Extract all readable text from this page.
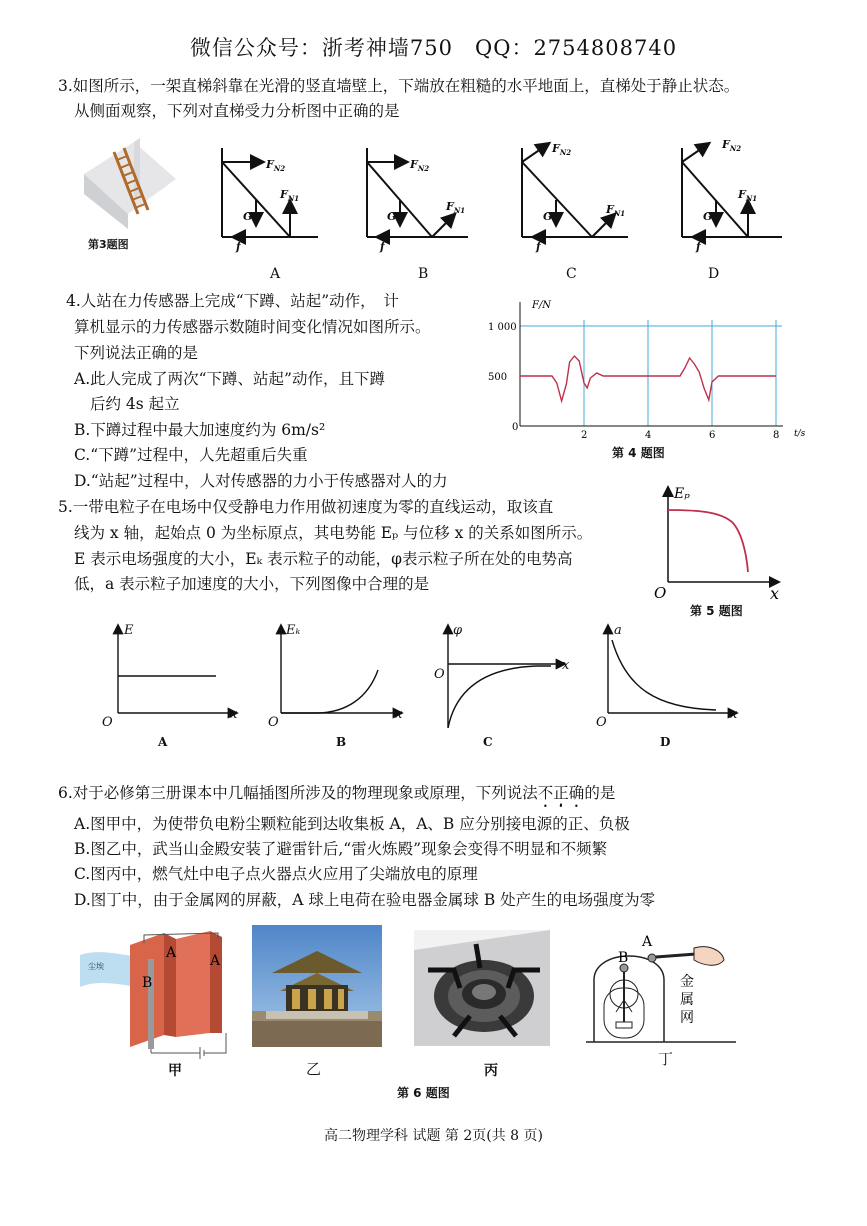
微信公众号：浙考神墙750　QQ：2754808740
3.如图所示，一架直梯斜靠在光滑的竖直墙壁上，下端放在粗糙的水平地面上，直梯处于静止状态。
从侧面观察，下列对直梯受力分析图中正确的是
第3题图
$F_{N2}$
$F_{N1}$
G
f
$F_{N2}$
$F_{N1}$
G
f
$F_{N2}$
$F_{N1}$
G
f
$F_{N2}$
$F_{N1}$
G
f
A	B	C	D
4.人站在力传感器上完成“下蹲、站起”动作，　计
算机显示的力传感器示数随时间变化情况如图所示。
下列说法正确的是
A.此人完成了两次“下蹲、站起”动作，且下蹲
后约 4s 起立
B.下蹲过程中最大加速度约为 6m/s²
C.“下蹲”过程中，人先超重后失重
D.“站起”过程中，人对传感器的力小于传感器对人的力
F/N
t/s
0
2	4	6	8
500
1 000
第 4 题图
5.一带电粒子在电场中仅受静电力作用做初速度为零的直线运动，取该直
线为 x 轴，起始点 0 为坐标原点，其电势能 Eₚ 与位移 x 的关系如图所示。
E 表示电场强度的大小，Eₖ 表示粒子的动能，φ表示粒子所在处的电势高
低，a 表示粒子加速度的大小，下列图像中合理的是
Eₚ
x
O
第 5 题图
E
x
O
Eₖ
x
O
φ
x
O
a
x
O
A	B	C	D
6.对于必修第三册课本中几幅插图所涉及的物理现象或原理，下列说法不正确的是
A.图甲中，为使带负电粉尘颗粒能到达收集板 A，A、B 应分别接电源的正、负极
B.图乙中，武当山金殿安装了避雷针后,“雷火炼殿”现象会变得不明显和不频繁
C.图丙中，燃气灶中电子点火器点火应用了尖端放电的原理
D.图丁中，由于金属网的屏蔽，A 球上电荷在验电器金属球 B 处产生的电场强度为零
A A
B
尘埃
A
B
金
属
网
甲	乙	丙
丁
第 6 题图
高二物理学科 试题 第 2页(共 8 页)
